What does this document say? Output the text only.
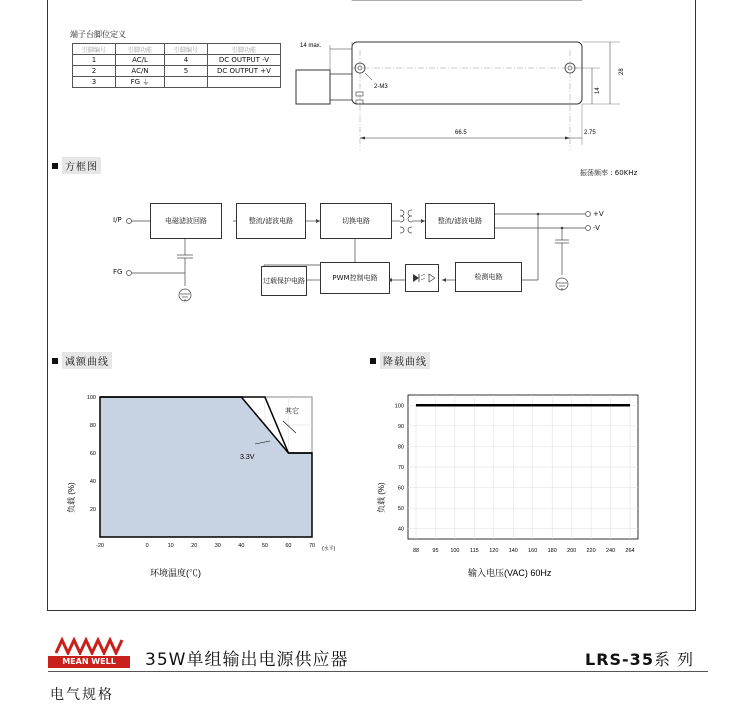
端子台脚位定义
引脚编号	引脚功能	引脚编号	引脚功能
1	AC/L	4	DC OUTPUT -V
2	AC/N	5	DC OUTPUT +V
3	FG ⏚		
14 max.
2-M3
66.5	2.75
28
14
方框图	振荡频率 : 60KHz
I/P
FG
电磁滤波回路	整流/滤波电路	切换电路	整流/滤波电路
过载保护电路	PWM控制电路	检测电路
+V
-V
减额曲线
-20	0	10	20	30	40	50	60	70
20
40
60
80
100
其它
3.3V
(水平)
负载 (%)
环境温度(℃)
降载曲线
88 95 100 115 120 140 160 180 200 220 240 264
40
50
60
70
80
90
100
负载 (%)
输入电压(VAC) 60Hz
MEAN WELL	35W单组输出电源供应器	LRS-35系 列
电气规格
